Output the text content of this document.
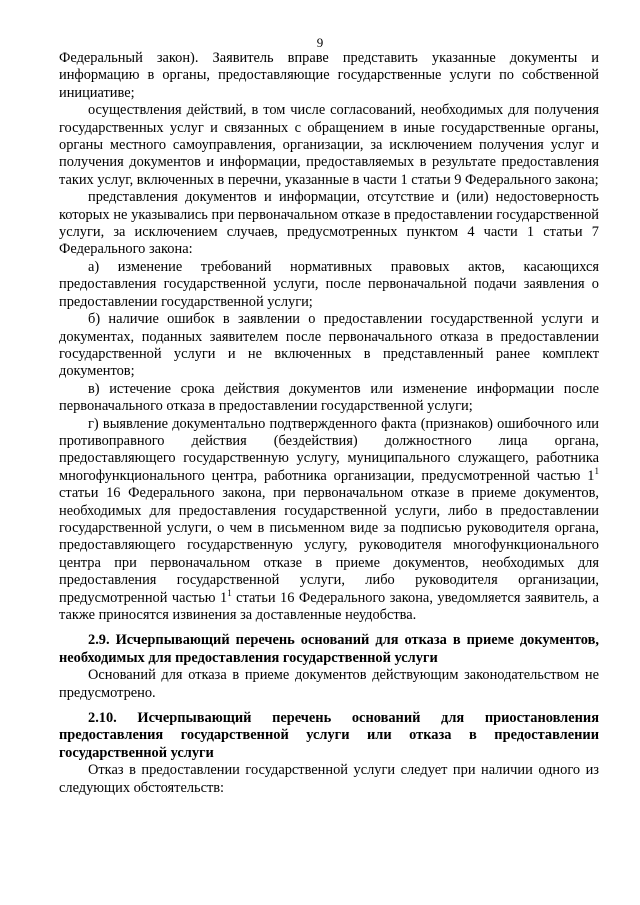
9

Федеральный закон). Заявитель вправе представить указанные документы и информацию в органы, предоставляющие государственные услуги по собственной инициативе;

осуществления действий, в том числе согласований, необходимых для получения государственных услуг и связанных с обращением в иные государственные органы, органы местного самоуправления, организации, за исключением получения услуг и получения документов и информации, предоставляемых в результате предоставления таких услуг, включенных в перечни, указанные в части 1 статьи 9 Федерального закона;

представления документов и информации, отсутствие и (или) недостоверность которых не указывались при первоначальном отказе в предоставлении государственной услуги, за исключением случаев, предусмотренных пунктом 4 части 1 статьи 7 Федерального закона:

а) изменение требований нормативных правовых актов, касающихся предоставления государственной услуги, после первоначальной подачи заявления о предоставлении государственной услуги;

б) наличие ошибок в заявлении о предоставлении государственной услуги и документах, поданных заявителем после первоначального отказа в предоставлении государственной услуги и не включенных в представленный ранее комплект документов;

в) истечение срока действия документов или изменение информации после первоначального отказа в предоставлении государственной услуги;

г) выявление документально подтвержденного факта (признаков) ошибочного или противоправного действия (бездействия) должностного лица органа, предоставляющего государственную услугу, муниципального служащего, работника многофункционального центра, работника организации, предусмотренной частью $1^1$ статьи 16 Федерального закона, при первоначальном отказе в приеме документов, необходимых для предоставления государственной услуги, либо в предоставлении государственной услуги, о чем в письменном виде за подписью руководителя органа, предоставляющего государственную услугу, руководителя многофункционального центра при первоначальном отказе в приеме документов, необходимых для предоставления государственной услуги, либо руководителя организации, предусмотренной частью $1^1$ статьи 16 Федерального закона, уведомляется заявитель, а также приносятся извинения за доставленные неудобства.

2.9. Исчерпывающий перечень оснований для отказа в приеме документов, необходимых для предоставления государственной услуги

Оснований для отказа в приеме документов действующим законодательством не предусмотрено.

2.10. Исчерпывающий перечень оснований для приостановления предоставления государственной услуги или отказа в предоставлении государственной услуги

Отказ в предоставлении государственной услуги следует при наличии одного из следующих обстоятельств:
